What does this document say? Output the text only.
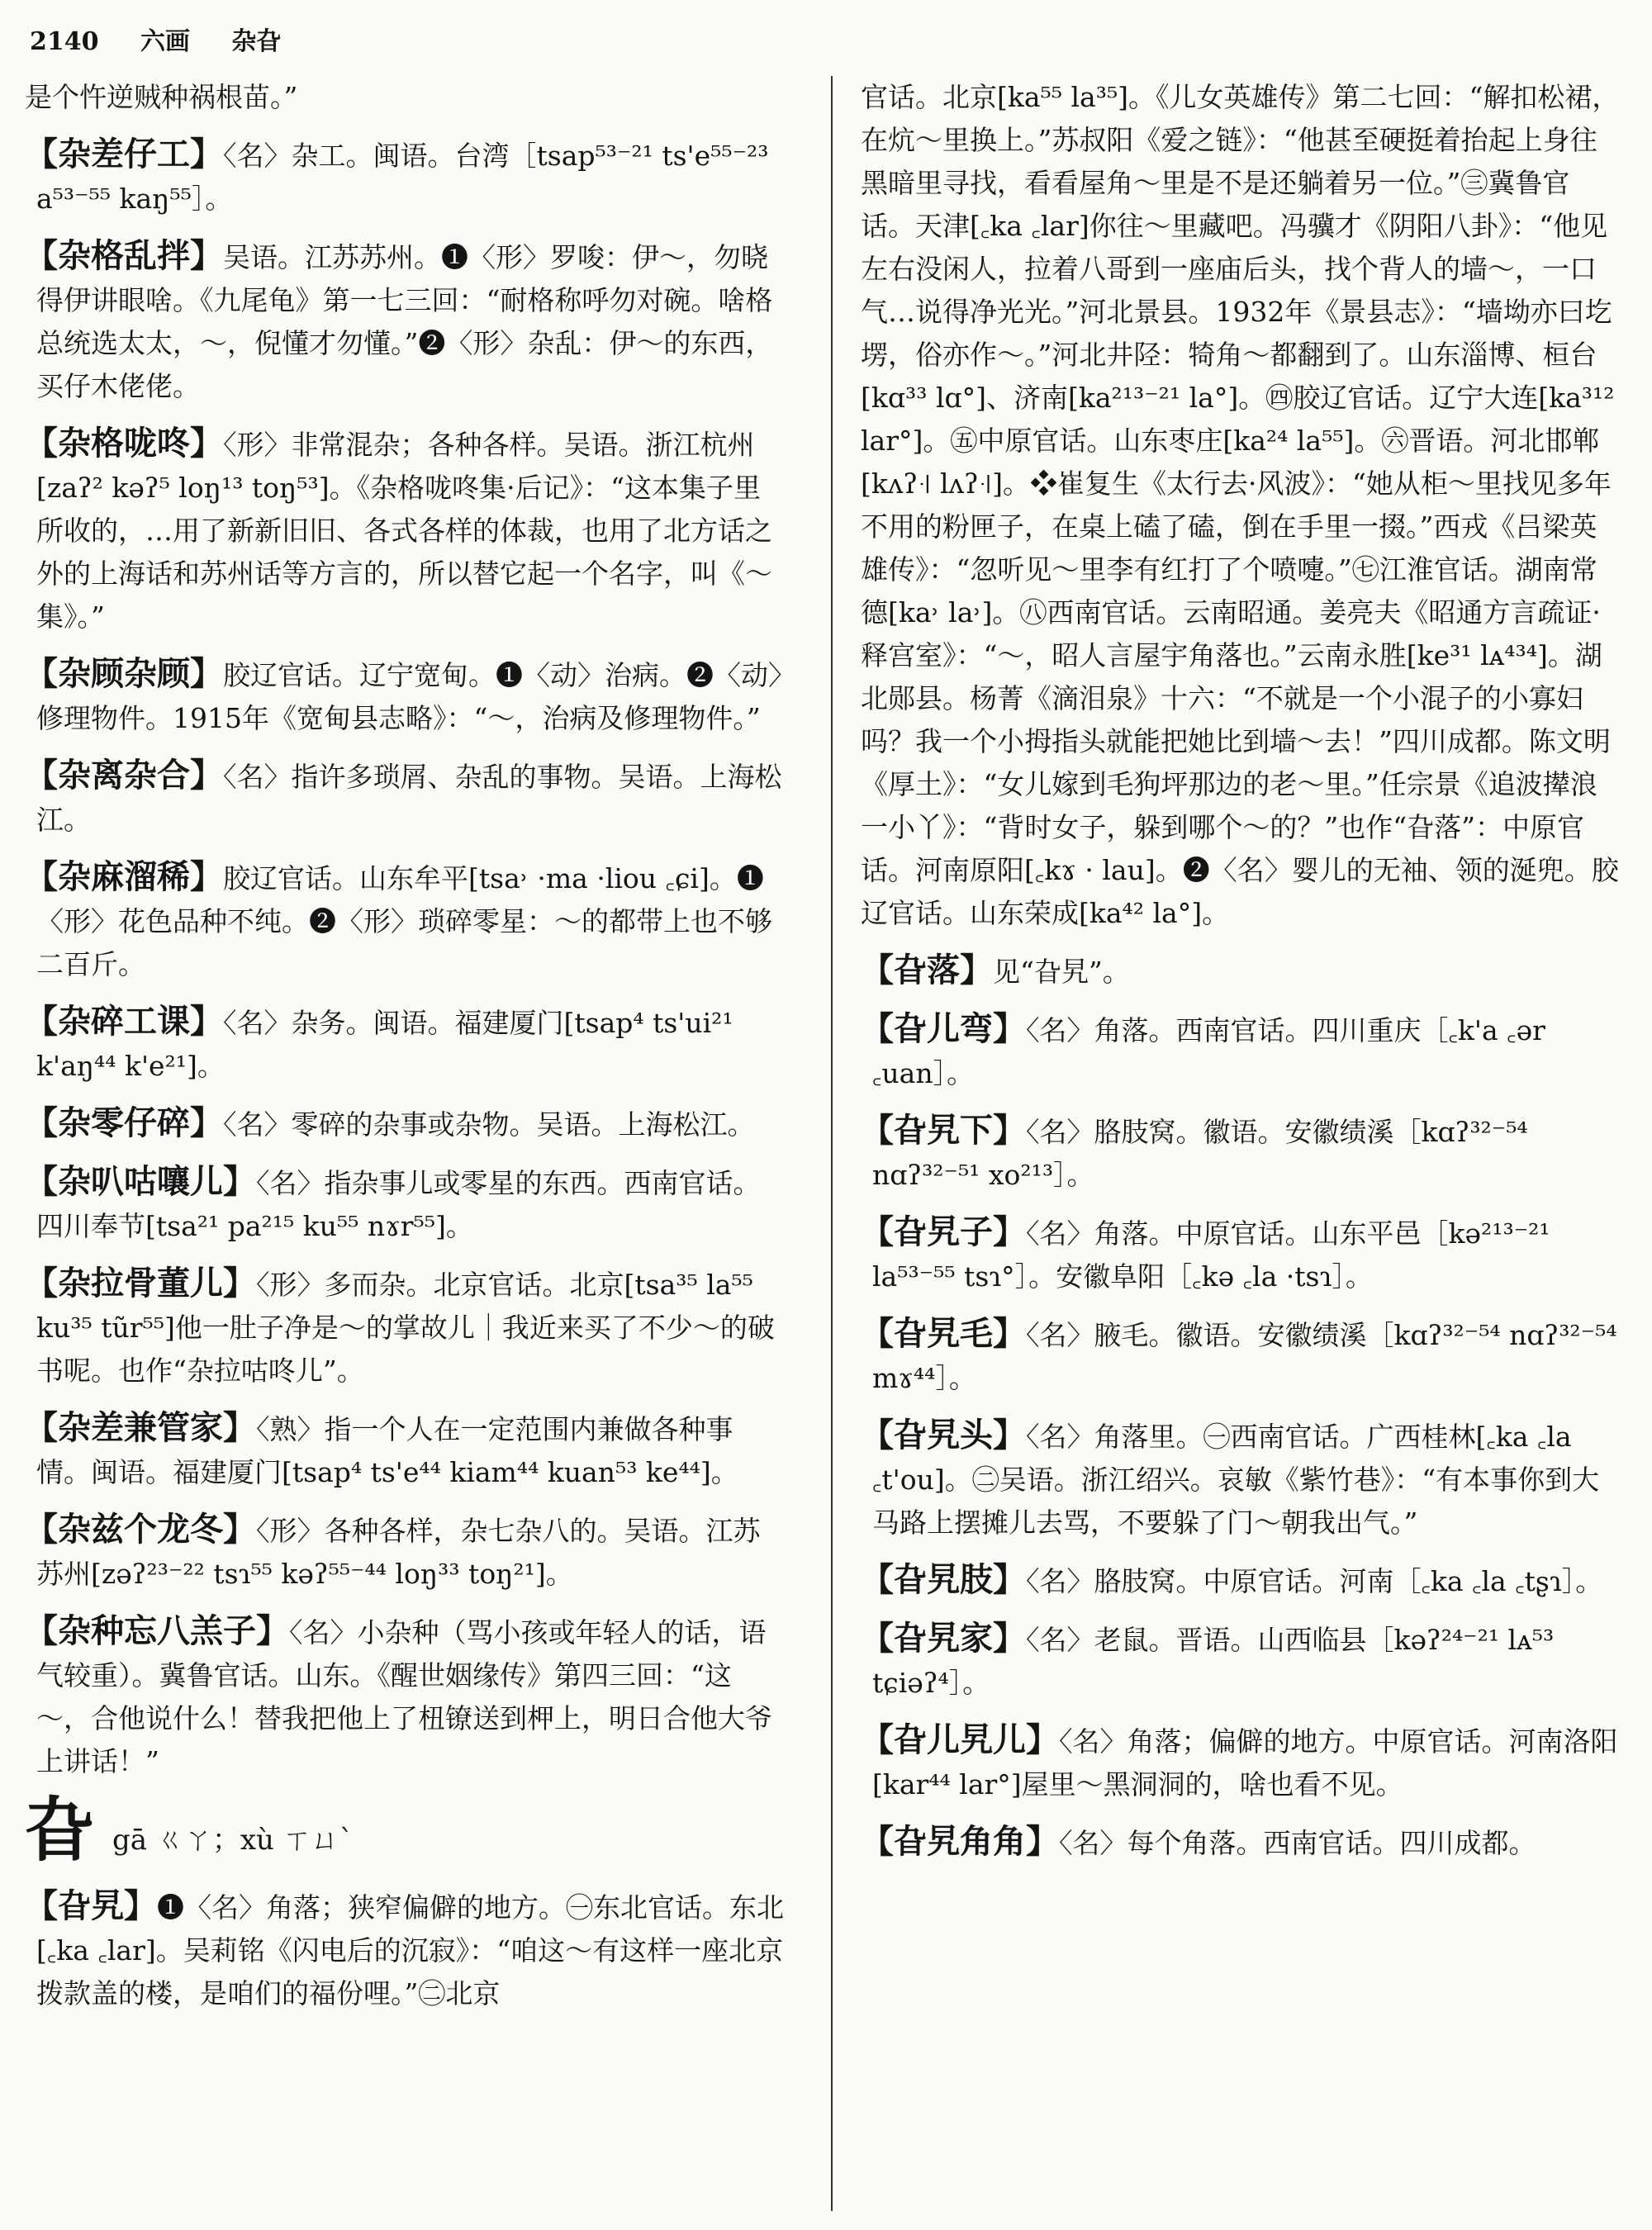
2140 六画 杂旮
是个忤逆贼种祸根苗。”
【杂差仔工】〈名〉杂工。闽语。台湾［tsap⁵³⁻²¹ ts'e⁵⁵⁻²³ a⁵³⁻⁵⁵ kaŋ⁵⁵］。
【杂格乱拌】吴语。江苏苏州。❶〈形〉罗唆：伊～，勿晓得伊讲眼啥。《九尾龟》第一七三回：“耐格称呼勿对碗。啥格总统选太太，～，倪懂才勿懂。”❷〈形〉杂乱：伊～的东西，买仔木佬佬。
【杂格咙咚】〈形〉非常混杂；各种各样。吴语。浙江杭州[zaʔ² kəʔ⁵ loŋ¹³ toŋ⁵³]。《杂格咙咚集·后记》：“这本集子里所收的，…用了新新旧旧、各式各样的体裁，也用了北方话之外的上海话和苏州话等方言的，所以替它起一个名字，叫《～集》。”
【杂顾杂顾】胶辽官话。辽宁宽甸。❶〈动〉治病。❷〈动〉修理物件。1915年《宽甸县志略》：“～，治病及修理物件。”
【杂离杂合】〈名〉指许多琐屑、杂乱的事物。吴语。上海松江。
【杂麻溜稀】胶辽官话。山东牟平[tsa˒ ·ma ·liou ꜀ɕi]。❶〈形〉花色品种不纯。❷〈形〉琐碎零星：～的都带上也不够二百斤。
【杂碎工课】〈名〉杂务。闽语。福建厦门[tsap⁴ ts'ui²¹ k'aŋ⁴⁴ k'e²¹]。
【杂零仔碎】〈名〉零碎的杂事或杂物。吴语。上海松江。
【杂叭咕嚷儿】〈名〉指杂事儿或零星的东西。西南官话。四川奉节[tsa²¹ pa²¹⁵ ku⁵⁵ nɤr⁵⁵]。
【杂拉骨董儿】〈形〉多而杂。北京官话。北京[tsa³⁵ la⁵⁵ ku³⁵ tũr⁵⁵]他一肚子净是～的掌故儿｜我近来买了不少～的破书呢。也作“杂拉咕咚儿”。
【杂差兼管家】〈熟〉指一个人在一定范围内兼做各种事情。闽语。福建厦门[tsap⁴ ts'e⁴⁴ kiam⁴⁴ kuan⁵³ ke⁴⁴]。
【杂兹个龙冬】〈形〉各种各样，杂七杂八的。吴语。江苏苏州[zəʔ²³⁻²² tsɿ⁵⁵ kəʔ⁵⁵⁻⁴⁴ loŋ³³ toŋ²¹]。
【杂种忘八羔子】〈名〉小杂种（骂小孩或年轻人的话，语气较重）。冀鲁官话。山东。《醒世姻缘传》第四三回：“这～，合他说什么！替我把他上了杻镣送到柙上，明日合他大爷上讲话！”
旮gā ㄍㄚ；xù ㄒㄩˋ
【旮旯】❶〈名〉角落；狭窄偏僻的地方。㊀东北官话。东北[꜀ka ꜀lar]。吴莉铭《闪电后的沉寂》：“咱这～有这样一座北京拨款盖的楼，是咱们的福份哩。”㊁北京
官话。北京[ka⁵⁵ la³⁵]。《儿女英雄传》第二七回：“解扣松裙，在炕～里换上。”苏叔阳《爱之链》：“他甚至硬挺着抬起上身往黑暗里寻找，看看屋角～里是不是还躺着另一位。”㊂冀鲁官话。天津[꜀ka ꜀lar]你往～里藏吧。冯骥才《阴阳八卦》：“他见左右没闲人，拉着八哥到一座庙后头，找个背人的墙～，一口气…说得净光光。”河北景县。1932年《景县志》：“墙坳亦曰圪塄，俗亦作～。”河北井陉：犄角～都翻到了。山东淄博、桓台[kɑ³³ lɑ°]、济南[ka²¹³⁻²¹ la°]。㊃胶辽官话。辽宁大连[ka³¹² lar°]。㊄中原官话。山东枣庄[ka²⁴ la⁵⁵]。㊅晋语。河北邯郸[kʌʔ꜊ lʌʔ꜊]。❖崔复生《太行去·风波》：“她从柜～里找见多年不用的粉匣子，在桌上磕了磕，倒在手里一掇。”西戎《吕梁英雄传》：“忽听见～里李有红打了个喷嚏。”㊆江淮官话。湖南常德[ka˒ la˒]。㊇西南官话。云南昭通。姜亮夫《昭通方言疏证·释宫室》：“～，昭人言屋宇角落也。”云南永胜[ke³¹ lᴀ⁴³⁴]。湖北郧县。杨菁《滴泪泉》十六：“不就是一个小混子的小寡妇吗？我一个小拇指头就能把她比到墙～去！”四川成都。陈文明《厚土》：“女儿嫁到毛狗坪那边的老～里。”任宗景《追波撵浪一小丫》：“背时女子，躲到哪个～的？”也作“旮落”：中原官话。河南原阳[꜀kɤ · lau]。❷〈名〉婴儿的无袖、领的涎兜。胶辽官话。山东荣成[ka⁴² la°]。
【旮落】见“旮旯”。
【旮儿弯】〈名〉角落。西南官话。四川重庆［꜀k'a ꜀ər ꜀uan］。
【旮旯下】〈名〉胳肢窝。徽语。安徽绩溪［kɑʔ³²⁻⁵⁴ nɑʔ³²⁻⁵¹ xo²¹³］。
【旮旯子】〈名〉角落。中原官话。山东平邑［kə²¹³⁻²¹ la⁵³⁻⁵⁵ tsɿ°］。安徽阜阳［꜀kə ꜀la ·tsɿ］。
【旮旯毛】〈名〉腋毛。徽语。安徽绩溪［kɑʔ³²⁻⁵⁴ nɑʔ³²⁻⁵⁴ mɤ⁴⁴］。
【旮旯头】〈名〉角落里。㊀西南官话。广西桂林[꜀ka ꜀la ꜀t'ou]。㊁吴语。浙江绍兴。哀敏《紫竹巷》：“有本事你到大马路上摆摊儿去骂，不要躲了门～朝我出气。”
【旮旯肢】〈名〉胳肢窝。中原官话。河南［꜀ka ꜀la ꜀tʂɿ］。
【旮旯家】〈名〉老鼠。晋语。山西临县［kəʔ²⁴⁻²¹ lᴀ⁵³ tɕiəʔ⁴］。
【旮儿旯儿】〈名〉角落；偏僻的地方。中原官话。河南洛阳[kar⁴⁴ lar°]屋里～黑洞洞的，啥也看不见。
【旮旯角角】〈名〉每个角落。西南官话。四川成都。
